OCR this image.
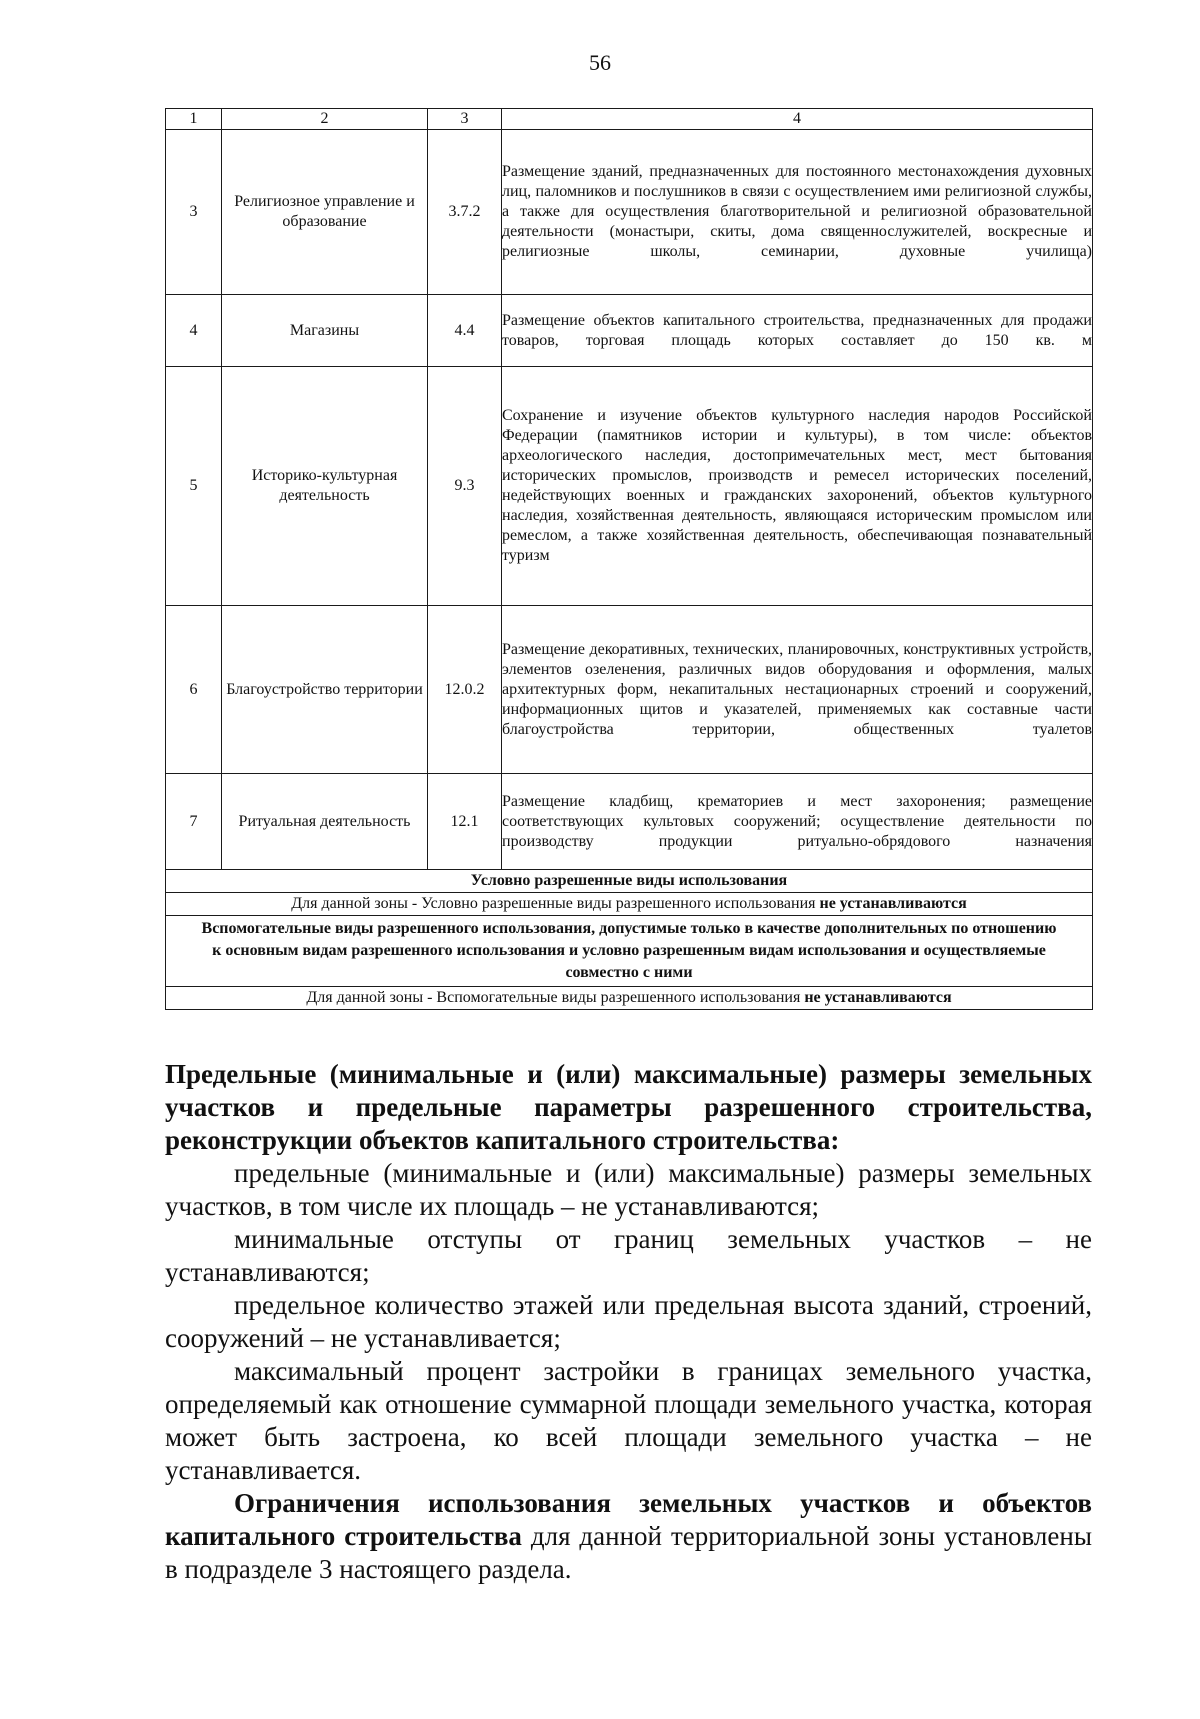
56
1	2	3	4
3	Религиозное управление и образование	3.7.2	Размещение зданий, предназначенных для постоянного местонахождения духовных лиц, паломников и послушников в связи с осуществлением ими религиозной службы, а также для осуществления благотворительной и религиозной образовательной деятельности (монастыри, скиты, дома священнослужителей, воскресные и религиозные школы, семинарии, духовные училища)
4	Магазины	4.4	Размещение объектов капитального строительства, предназначенных для продажи товаров, торговая площадь которых составляет до 150 кв. м
5	Историко-культурная деятельность	9.3	Сохранение и изучение объектов культурного наследия народов Российской Федерации (памятников истории и культуры), в том числе: объектов археологического наследия, достопримечательных мест, мест бытования исторических промыслов, производств и ремесел исторических поселений, недействующих военных и гражданских захоронений, объектов культурного наследия, хозяйственная деятельность, являющаяся историческим промыслом или ремеслом, а также хозяйственная деятельность, обеспечивающая познавательный туризм
6	Благоустройство территории	12.0.2	Размещение декоративных, технических, планировочных, конструктивных устройств, элементов озеленения, различных видов оборудования и оформления, малых архитектурных форм, некапитальных нестационарных строений и сооружений, информационных щитов и указателей, применяемых как составные части благоустройства территории, общественных туалетов
7	Ритуальная деятельность	12.1	Размещение кладбищ, крематориев и мест захоронения; размещение соответствующих культовых сооружений; осуществление деятельности по производству продукции ритуально-обрядового назначения
Условно разрешенные виды использования			
Для данной зоны - Условно разрешенные виды разрешенного использования не устанавливаются			
Вспомогательные виды разрешенного использования, допустимые только в качестве дополнительных по отношению к основным видам разрешенного использования и условно разрешенным видам использования и осуществляемые совместно с ними			
Для данной зоны - Вспомогательные виды разрешенного использования не устанавливаются			

Предельные (минимальные и (или) максимальные) размеры земельных участков и предельные параметры разрешенного строительства, реконструкции объектов капитального строительства:

предельные (минимальные и (или) максимальные) размеры земельных участков, в том числе их площадь – не устанавливаются;

минимальные отступы от границ земельных участков – не устанавливаются;

предельное количество этажей или предельная высота зданий, строений, сооружений – не устанавливается;

максимальный процент застройки в границах земельного участка, определяемый как отношение суммарной площади земельного участка, которая может быть застроена, ко всей площади земельного участка – не устанавливается.

Ограничения использования земельных участков и объектов капитального строительства для данной территориальной зоны установлены в подразделе 3 настоящего раздела.
